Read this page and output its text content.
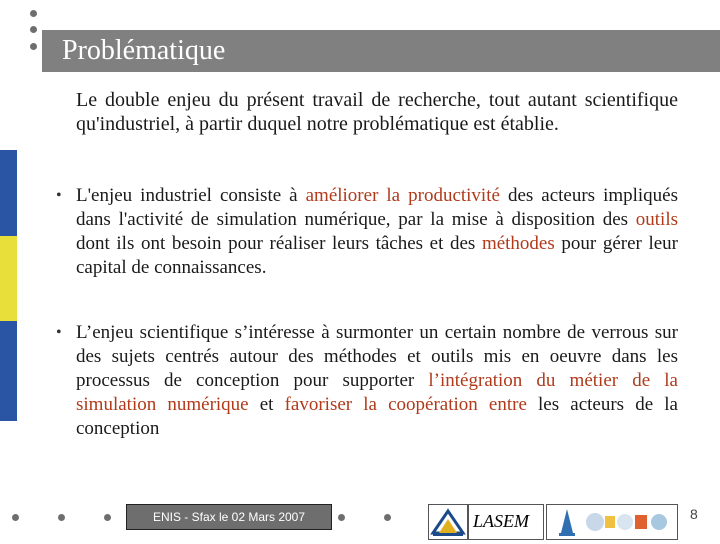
Problématique
Le double enjeu du présent travail de recherche, tout autant scientifique qu'industriel, à partir duquel notre problématique est établie.
• L'enjeu industriel consiste à améliorer la productivité des acteurs impliqués dans l'activité de simulation numérique, par la mise à disposition des outils dont ils ont besoin pour réaliser leurs tâches et des méthodes pour gérer leur capital de connaissances.
• L’enjeu scientifique s’intéresse à surmonter un certain nombre de verrous sur des sujets centrés autour des méthodes et outils mis en oeuvre dans les processus de conception pour supporter l’intégration du métier de la simulation numérique et favoriser la coopération entre les acteurs de la conception
ENIS - Sfax le 02 Mars 2007	LASEM	8
